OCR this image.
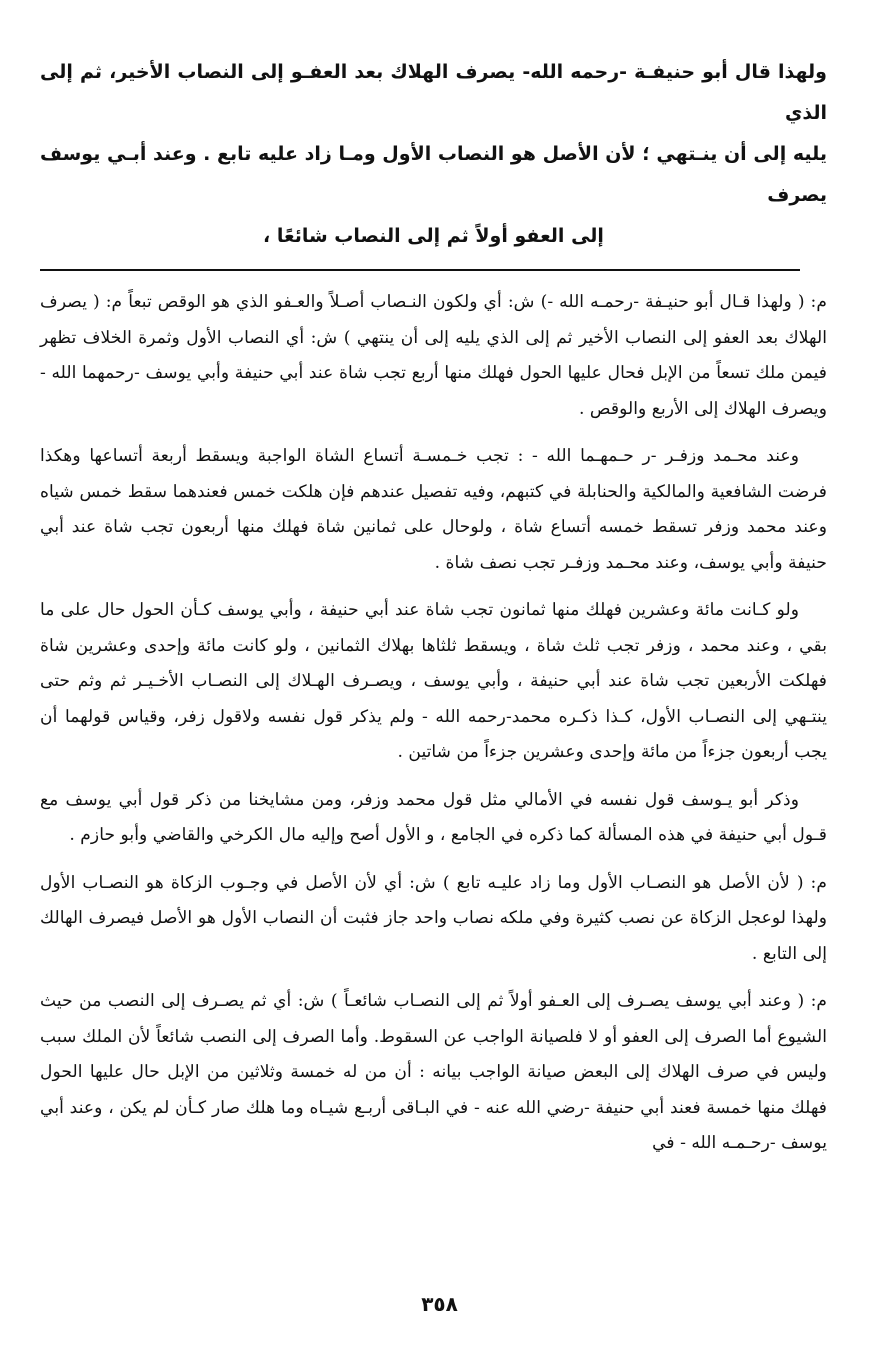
ولهذا قال أبو حنيفـة -رحمه الله- يصرف الهلاك بعد العفـو إلى النصاب الأخير، ثم إلى الذي
يليه إلى أن ينـتهي ؛ لأن الأصل هو النصاب الأول ومـا زاد عليه تابع . وعند أبـي يوسف يصرف
إلى العفو أولاً ثم إلى النصاب شائعًا ،

م: ( ولهذا قـال أبو حنيـفة -رحمـه الله -) ش: أي ولكون النـصاب أصـلاً والعـفو الذي هو الوقص تبعاً م: ( يصرف الهلاك بعد العفو إلى النصاب الأخير ثم إلى الذي يليه إلى أن ينتهي ) ش: أي النصاب الأول وثمرة الخلاف تظهر فيمن ملك تسعاً من الإبل فحال عليها الحول فهلك منها أربع تجب شاة عند أبي حنيفة وأبي يوسف -رحمهما الله - ويصرف الهلاك إلى الأربع والوقص .

وعند محـمد وزفـر -ر حـمهـما الله - : تجب خـمسـة أتساع الشاة الواجبة ويسقط أربعة أتساعها وهكذا فرضت الشافعية والمالكية والحنابلة في كتبهم، وفيه تفصيل عندهم فإن هلكت خمس فعندهما سقط خمس شياه وعند محمد وزفر تسقط خمسه أتساع شاة ، ولوحال على ثمانين شاة فهلك منها أربعون تجب شاة عند أبي حنيفة وأبي يوسف، وعند محـمد وزفـر تجب نصف شاة .

ولو كـانت مائة وعشرين فهلك منها ثمانون تجب شاة عند أبي حنيفة ، وأبي يوسف كـأن الحول حال على ما بقي ، وعند محمد ، وزفر تجب ثلث شاة ، ويسقط ثلثاها بهلاك الثمانين ، ولو كانت مائة وإحدى وعشرين شاة فهلكت الأربعين تجب شاة عند أبي حنيفة ، وأبي يوسف ، ويصـرف الهـلاك إلى النصـاب الأخـيـر ثم وثم حتى ينتـهي إلى النصـاب الأول، كـذا ذكـره محمد-رحمه الله - ولم يذكر قول نفسه ولاقول زفر، وقياس قولهما أن يجب أربعون جزءاً من مائة وإحدى وعشرين جزءاً من شاتين .

وذكر أبو يـوسف قول نفسه في الأمالي مثل قول محمد وزفر، ومن مشايخنا من ذكر قول أبي يوسف مع قـول أبي حنيفة في هذه المسألة كما ذكره في الجامع ، و الأول أصح وإليه مال الكرخي والقاضي وأبو حازم .

م: ( لأن الأصل هو النصـاب الأول وما زاد عليـه تابع ) ش: أي لأن الأصل في وجـوب الزكاة هو النصـاب الأول ولهذا لوعجل الزكاة عن نصب كثيرة وفي ملكه نصاب واحد جاز فثبت أن النصاب الأول هو الأصل فيصرف الهالك إلى التابع .

م: ( وعند أبي يوسف يصـرف إلى العـفو أولاً ثم إلى النصـاب شائعـاً ) ش: أي ثم يصـرف إلى النصب من حيث الشيوع أما الصرف إلى العفو أو لا فلصيانة الواجب عن السقوط. وأما الصرف إلى النصب شائعاً لأن الملك سبب وليس في صرف الهلاك إلى البعض صيانة الواجب بيانه : أن من له خمسة وثلاثين من الإبل حال عليها الحول فهلك منها خمسة فعند أبي حنيفة -رضي الله عنه - في البـاقى أربـع شيـاه وما هلك صار كـأن لم يكن ، وعند أبي يوسف -رحـمـه الله - في

٣٥٨
